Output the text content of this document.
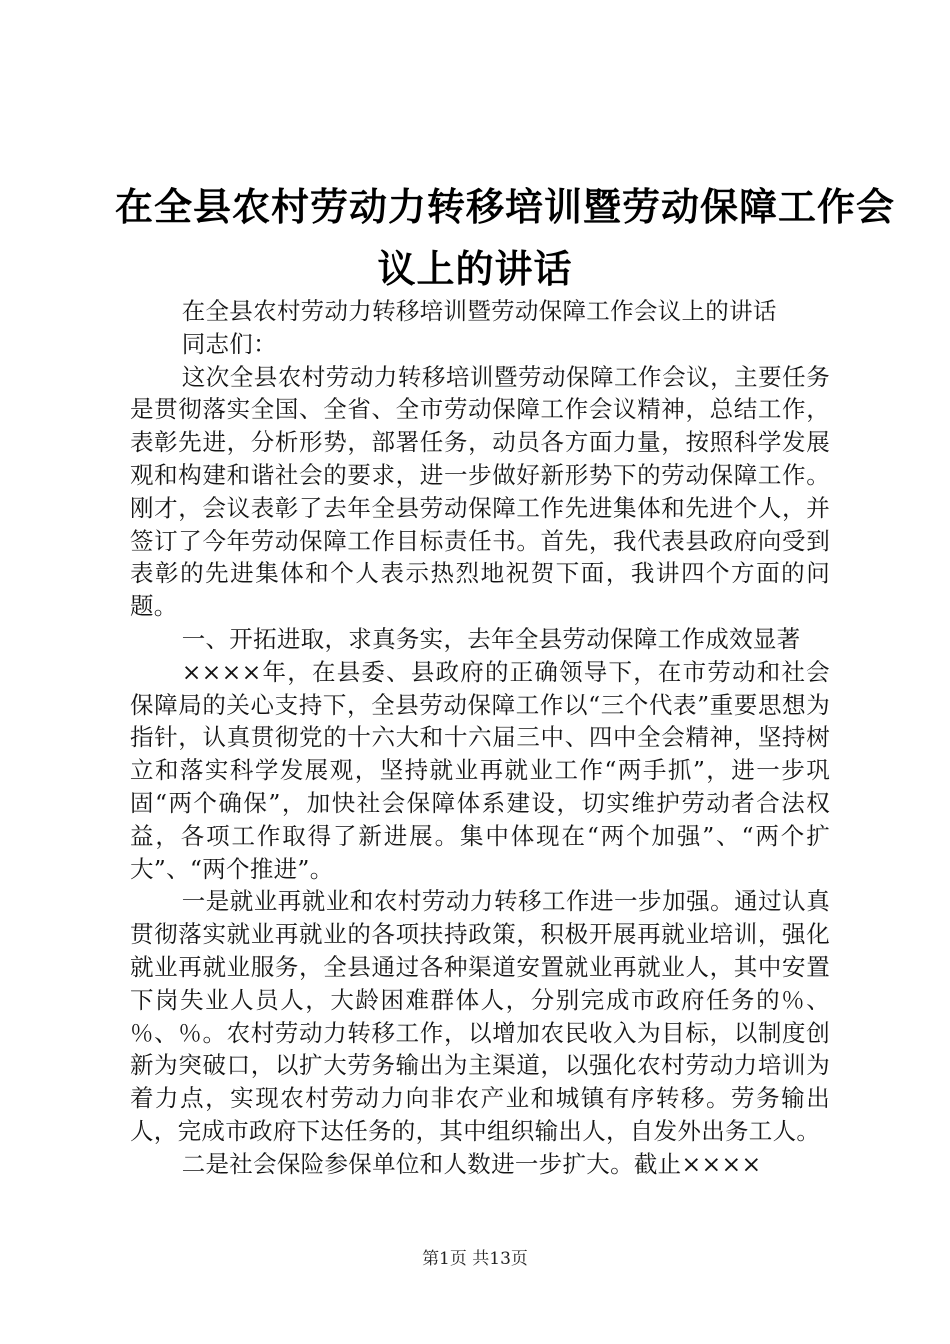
在全县农村劳动力转移培训暨劳动保障工作会
议上的讲话

在全县农村劳动力转移培训暨劳动保障工作会议上的讲话

同志们：

这次全县农村劳动力转移培训暨劳动保障工作会议，主要任务是贯彻落实全国、全省、全市劳动保障工作会议精神，总结工作，表彰先进，分析形势，部署任务，动员各方面力量，按照科学发展观和构建和谐社会的要求，进一步做好新形势下的劳动保障工作。刚才，会议表彰了去年全县劳动保障工作先进集体和先进个人，并签订了今年劳动保障工作目标责任书。首先，我代表县政府向受到表彰的先进集体和个人表示热烈地祝贺下面，我讲四个方面的问题。

一、开拓进取，求真务实，去年全县劳动保障工作成效显著

××××年，在县委、县政府的正确领导下，在市劳动和社会保障局的关心支持下，全县劳动保障工作以“三个代表”重要思想为指针，认真贯彻党的十六大和十六届三中、四中全会精神，坚持树立和落实科学发展观，坚持就业再就业工作“两手抓”，进一步巩固“两个确保”，加快社会保障体系建设，切实维护劳动者合法权益，各项工作取得了新进展。集中体现在“两个加强”、“两个扩大”、“两个推进”。

一是就业再就业和农村劳动力转移工作进一步加强。通过认真贯彻落实就业再就业的各项扶持政策，积极开展再就业培训，强化就业再就业服务，全县通过各种渠道安置就业再就业人，其中安置下岗失业人员人，大龄困难群体人，分别完成市政府任务的％、％、％。农村劳动力转移工作，以增加农民收入为目标，以制度创新为突破口，以扩大劳务输出为主渠道，以强化农村劳动力培训为着力点，实现农村劳动力向非农产业和城镇有序转移。劳务输出人，完成市政府下达任务的，其中组织输出人，自发外出务工人。

二是社会保险参保单位和人数进一步扩大。截止××××

第1页 共13页
